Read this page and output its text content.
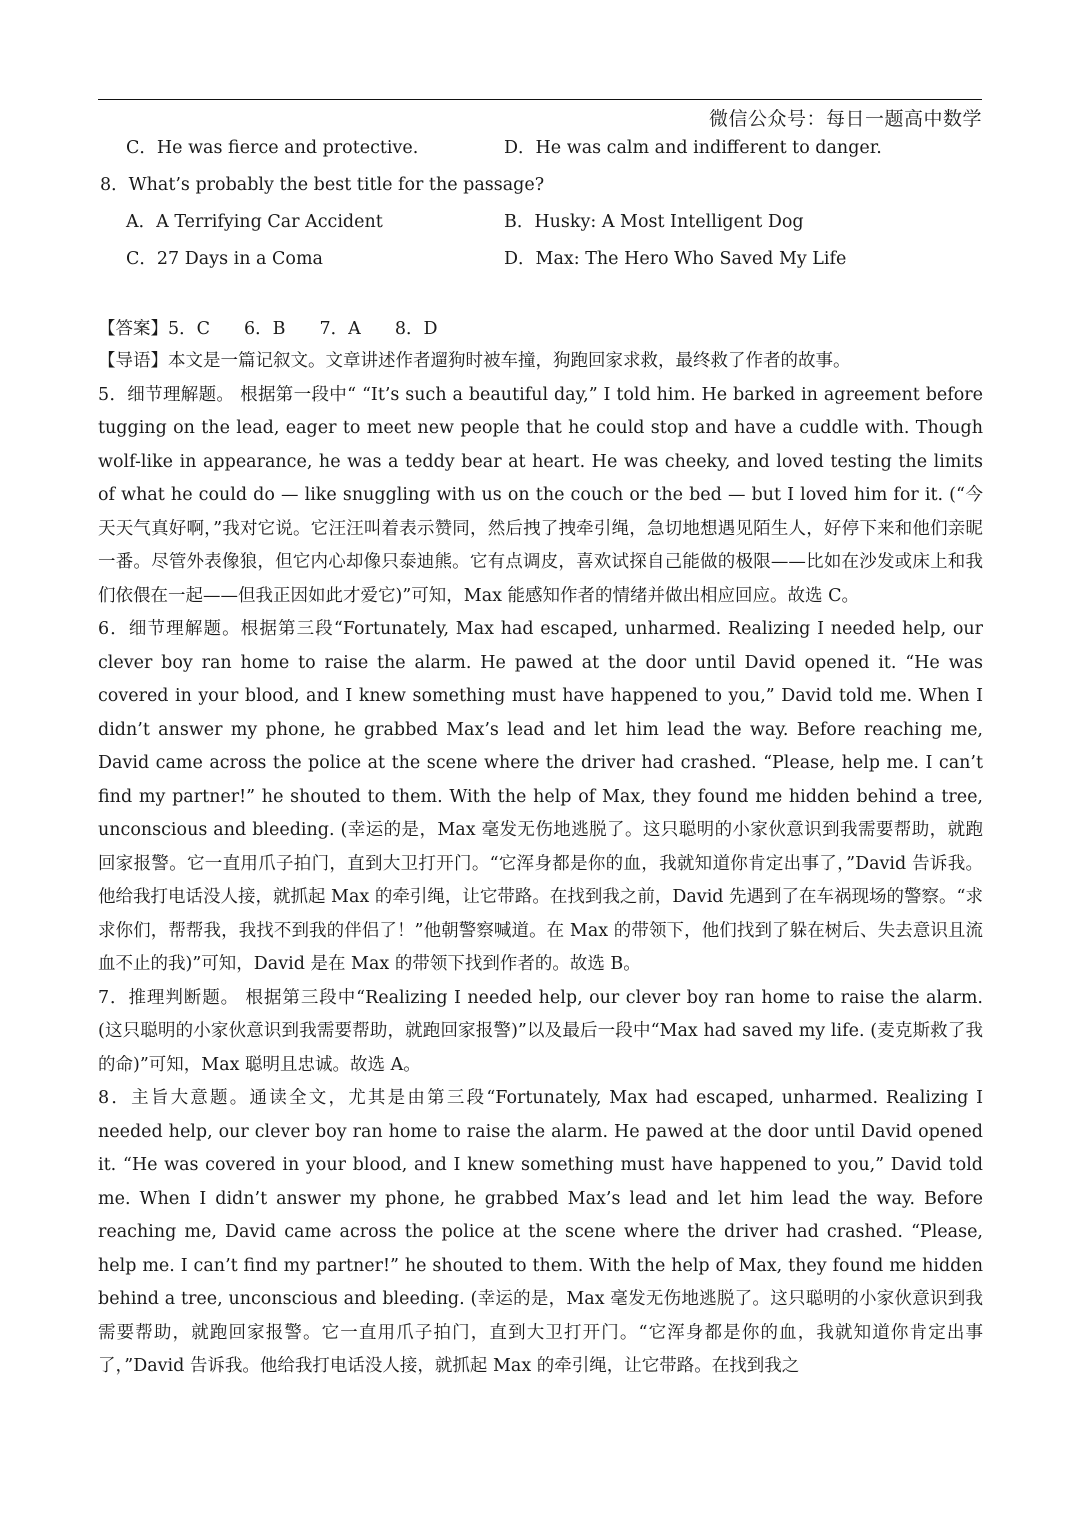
微信公众号：每日一题高中数学
C．He was fierce and protective.	D．He was calm and indifferent to danger.
8．What’s probably the best title for the passage?
A．A Terrifying Car Accident	B．Husky: A Most Intelligent Dog
C．27 Days in a Coma	D．Max: The Hero Who Saved My Life
【答案】 5．C 6．B 7．A 8．D
【导语】本文是一篇记叙文。文章讲述作者遛狗时被车撞，狗跑回家求救，最终救了作者的故事。
5．细节理解题。 根据第一段中“ “It’s such a beautiful day,” I told him. He barked in agreement before tugging on the lead, eager to meet new people that he could stop and have a cuddle with. Though wolf-like in appearance, he was a teddy bear at heart. He was cheeky, and loved testing the limits of what he could do — like snuggling with us on the couch or the bed — but I loved him for it. (“今天天气真好啊，”我对它说。它汪汪叫着表示赞同，然后拽了拽牵引绳，急切地想遇见陌生人，好停下来和他们亲昵一番。尽管外表像狼，但它内心却像只泰迪熊。它有点调皮，喜欢试探自己能做的极限——比如在沙发或床上和我们依偎在一起——但我正因如此才爱它)”可知，Max 能感知作者的情绪并做出相应回应。故选 C。
6．细节理解题。根据第三段“Fortunately, Max had escaped, unharmed. Realizing I needed help, our clever boy ran home to raise the alarm. He pawed at the door until David opened it. “He was covered in your blood, and I knew something must have happened to you,” David told me. When I didn’t answer my phone, he grabbed Max’s lead and let him lead the way. Before reaching me, David came across the police at the scene where the driver had crashed. “Please, help me. I can’t find my partner!” he shouted to them. With the help of Max, they found me hidden behind a tree, unconscious and bleeding. (幸运的是，Max 毫发无伤地逃脱了。这只聪明的小家伙意识到我需要帮助，就跑回家报警。它一直用爪子拍门，直到大卫打开门。“它浑身都是你的血，我就知道你肯定出事了，”David 告诉我。他给我打电话没人接，就抓起 Max 的牵引绳，让它带路。在找到我之前，David 先遇到了在车祸现场的警察。“求求你们，帮帮我，我找不到我的伴侣了！”他朝警察喊道。在 Max 的带领下，他们找到了躲在树后、失去意识且流血不止的我)”可知，David 是在 Max 的带领下找到作者的。故选 B。
7．推理判断题。 根据第三段中“Realizing I needed help, our clever boy ran home to raise the alarm. (这只聪明的小家伙意识到我需要帮助，就跑回家报警)”以及最后一段中“Max had saved my life. (麦克斯救了我的命)”可知，Max 聪明且忠诚。故选 A。
8．主旨大意题。通读全文，尤其是由第三段“Fortunately, Max had escaped, unharmed. Realizing I needed help, our clever boy ran home to raise the alarm. He pawed at the door until David opened it. “He was covered in your blood, and I knew something must have happened to you,” David told me. When I didn’t answer my phone, he grabbed Max’s lead and let him lead the way. Before reaching me, David came across the police at the scene where the driver had crashed. “Please, help me. I can’t find my partner!” he shouted to them. With the help of Max, they found me hidden behind a tree, unconscious and bleeding. (幸运的是，Max 毫发无伤地逃脱了。这只聪明的小家伙意识到我需要帮助，就跑回家报警。它一直用爪子拍门，直到大卫打开门。“它浑身都是你的血，我就知道你肯定出事了，”David 告诉我。他给我打电话没人接，就抓起 Max 的牵引绳，让它带路。在找到我之
